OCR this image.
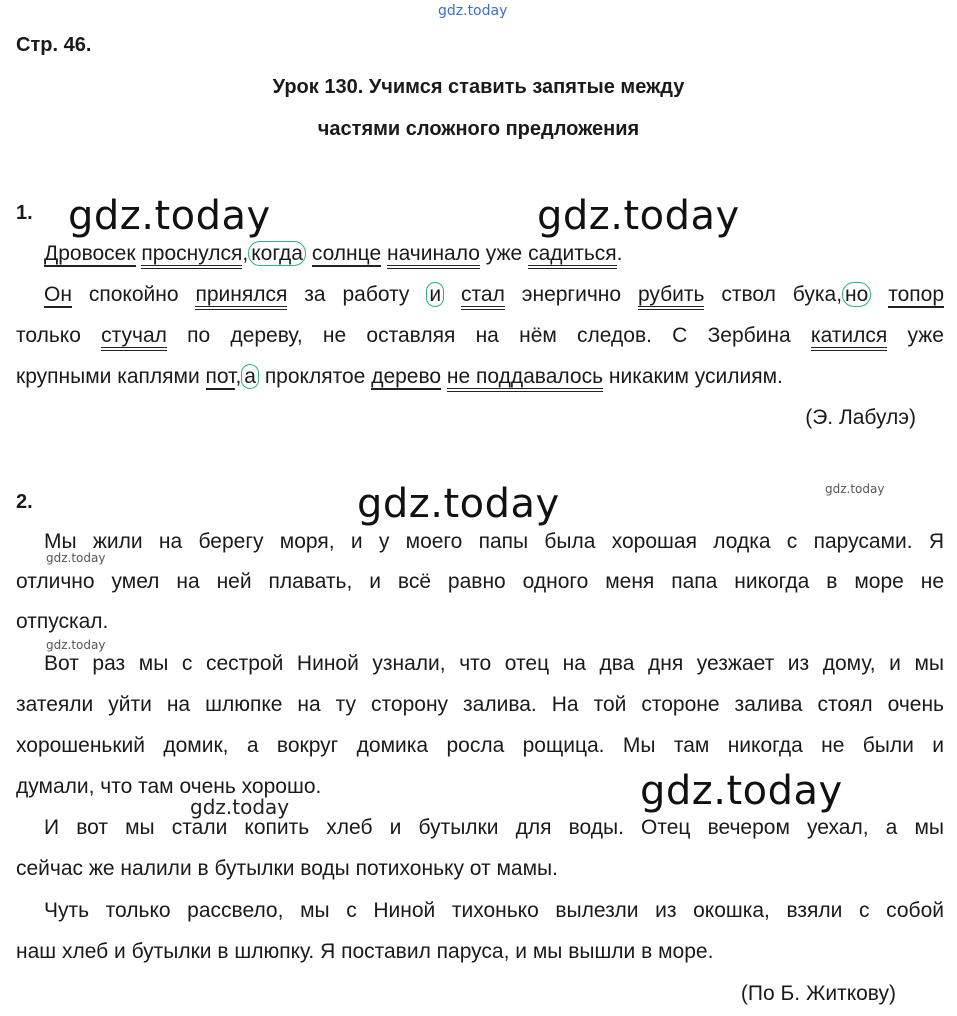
gdz.today
gdz.today	gdz.today
gdz.today
gdz.today
gdz.today
gdz.today
gdz.today
gdz.today
Стр. 46.
Урок 130. Учимся ставить запятые между
частями сложного предложения
1.
Дровосек проснулся, когда солнце начинало уже садиться.
Он спокойно принялся за работу и стал энергично рубить ствол бука, но топор
только стучал по дереву, не оставляя на нём следов. С Зербина катился уже
крупными каплями пот, а проклятое дерево не поддавалось никаким усилиям.
(Э. Лабулэ)
2.
Мы жили на берегу моря, и у моего папы была хорошая лодка с парусами. Я
отлично умел на ней плавать, и всё равно одного меня папа никогда в море не
отпускал.
Вот раз мы с сестрой Ниной узнали, что отец на два дня уезжает из дому, и мы
затеяли уйти на шлюпке на ту сторону залива. На той стороне залива стоял очень
хорошенький домик, а вокруг домика росла рощица. Мы там никогда не были и
думали, что там очень хорошо.
И вот мы стали копить хлеб и бутылки для воды. Отец вечером уехал, а мы
сейчас же налили в бутылки воды потихоньку от мамы.
Чуть только рассвело, мы с Ниной тихонько вылезли из окошка, взяли с собой
наш хлеб и бутылки в шлюпку. Я поставил паруса, и мы вышли в море.
(По Б. Житкову)
